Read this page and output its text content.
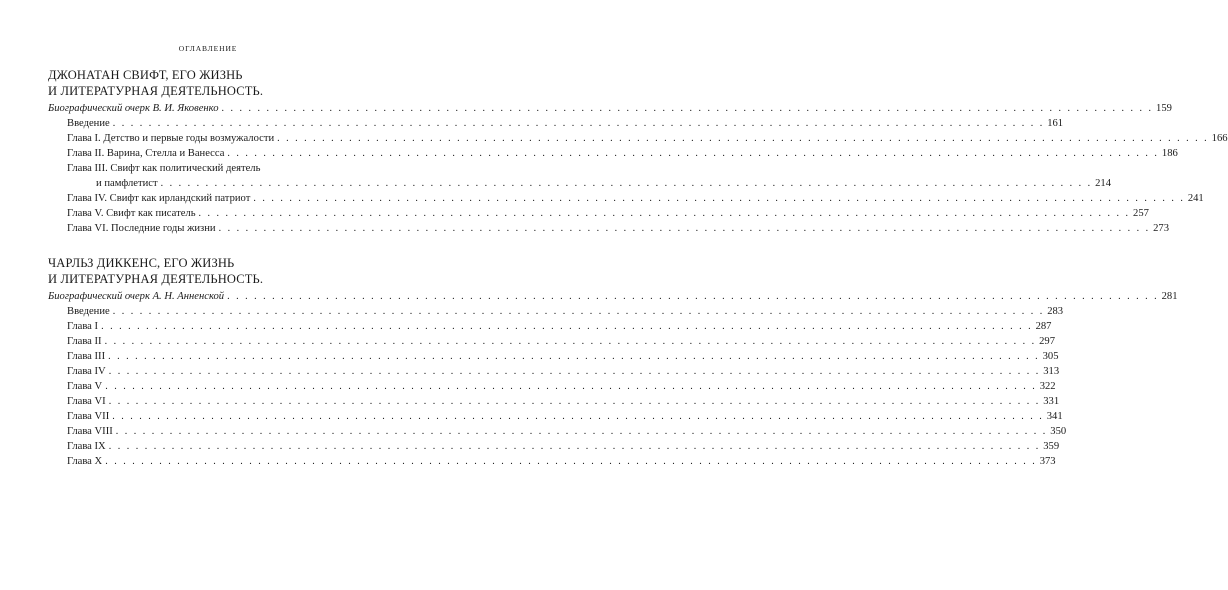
ОГЛАВЛЕНИЕ
ДЖОНАТАН СВИФТ, ЕГО ЖИЗНЬ
И ЛИТЕРАТУРНАЯ ДЕЯТЕЛЬНОСТЬ.
Биографический очерк В. И. Яковенко . . .	159
Введение . . .	161
Глава I. Детство и первые годы возмужалости . . .	166
Глава II. Варина, Стелла и Ванесса . . .	186
Глава III. Свифт как политический деятель
и памфлетист . . .	214
Глава IV. Свифт как ирландский патриот . . .	241
Глава V. Свифт как писатель . . .	257
Глава VI. Последние годы жизни . . .	273
ЧАРЛЬЗ ДИККЕНС, ЕГО ЖИЗНЬ
И ЛИТЕРАТУРНАЯ ДЕЯТЕЛЬНОСТЬ.
Биографический очерк А. Н. Анненской . . .	281
Введение . . .	283
Глава I . . .	287
Глава II . . .	297
Глава III . . .	305
Глава IV . . .	313
Глава V . . .	322
Глава VI . . .	331
Глава VII . . .	341
Глава VIII . . .	350
Глава IX . . .	359
Глава X . . .	373
